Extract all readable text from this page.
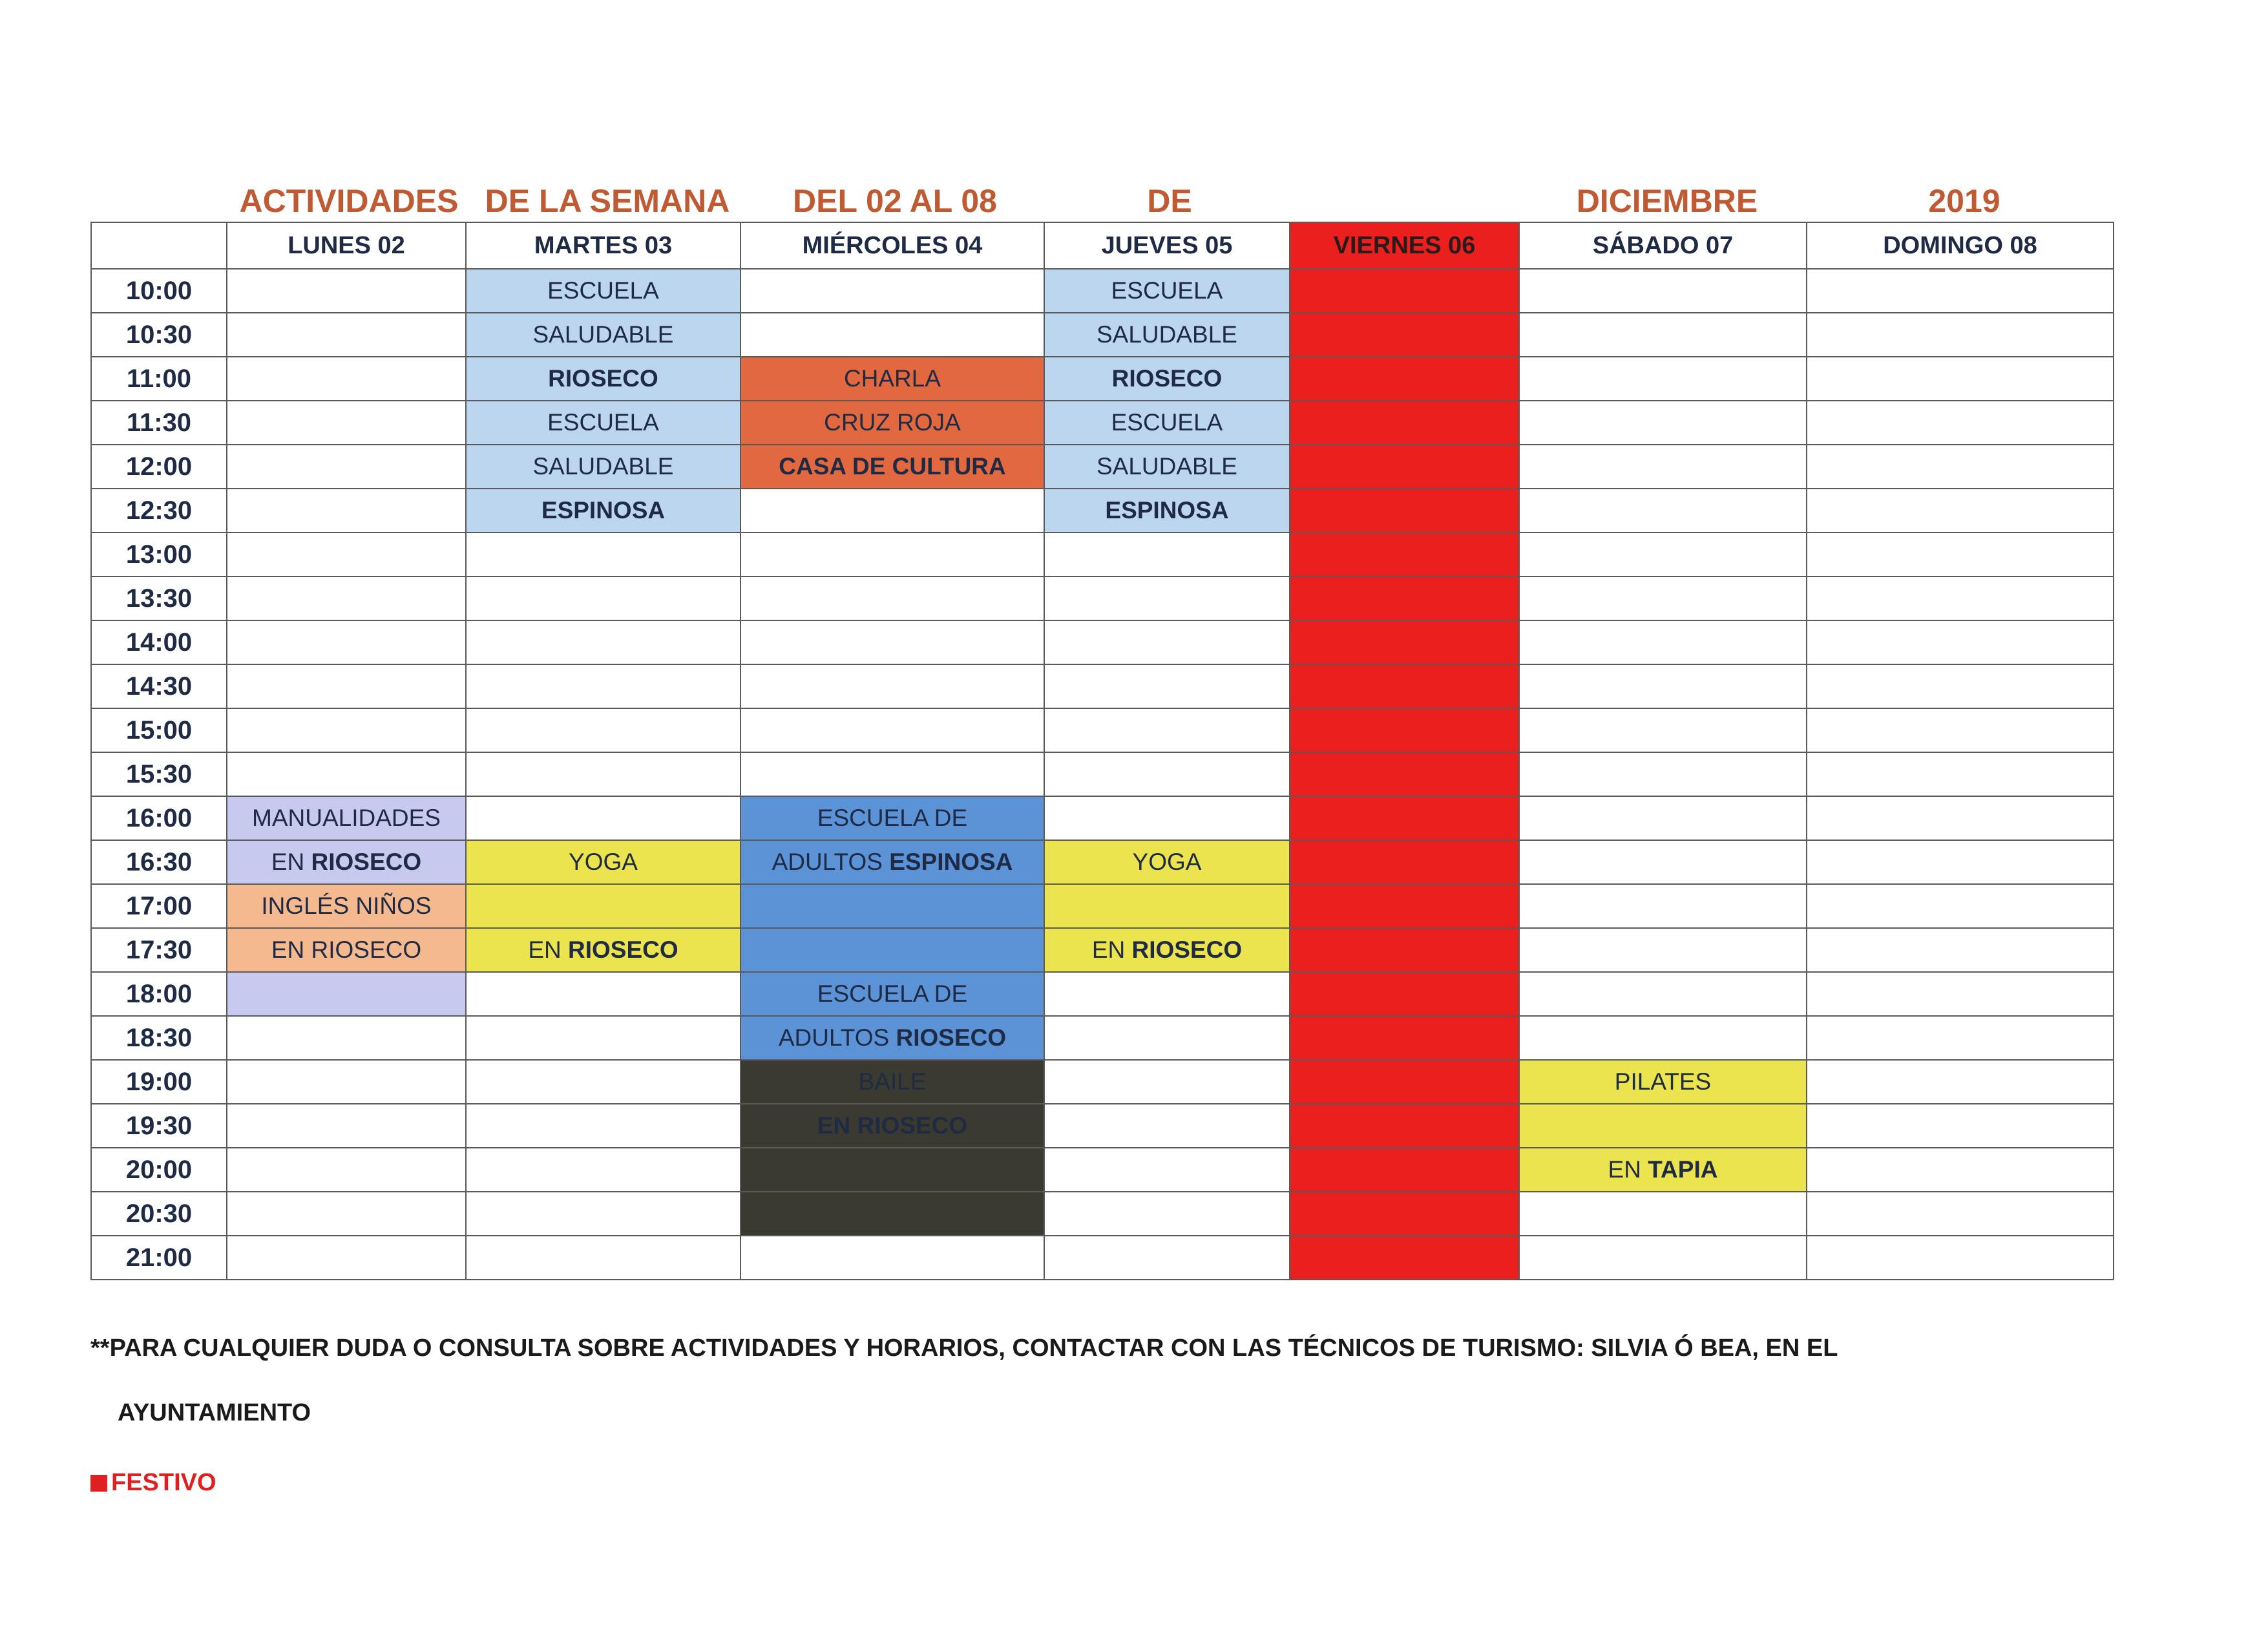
ACTIVIDADES DE LA SEMANA	DEL 02 AL 08	DE	DICIEMBRE	2019
	LUNES 02	MARTES 03	MIÉRCOLES 04	JUEVES 05	VIERNES 06	SÁBADO 07	DOMINGO 08
10:00		ESCUELA		ESCUELA			
10:30		SALUDABLE		SALUDABLE			
11:00		RIOSECO	CHARLA	RIOSECO			
11:30		ESCUELA	CRUZ ROJA	ESCUELA			
12:00		SALUDABLE	CASA DE CULTURA	SALUDABLE			
12:30		ESPINOSA		ESPINOSA			
13:00							
13:30							
14:00							
14:30							
15:00							
15:30							
16:00	MANUALIDADES		ESCUELA DE				
16:30	EN RIOSECO	YOGA	ADULTOS ESPINOSA	YOGA			
17:00	INGLÉS NIÑOS						
17:30	EN RIOSECO	EN RIOSECO		EN RIOSECO			
18:00			ESCUELA DE				
18:30			ADULTOS RIOSECO				
19:00			BAILE			PILATES	
19:30			EN RIOSECO				
20:00						EN TAPIA	
20:30							
21:00							
**PARA CUALQUIER DUDA O CONSULTA SOBRE ACTIVIDADES Y HORARIOS, CONTACTAR CON LAS TÉCNICOS DE TURISMO: SILVIA Ó BEA, EN EL
AYUNTAMIENTO
FESTIVO
